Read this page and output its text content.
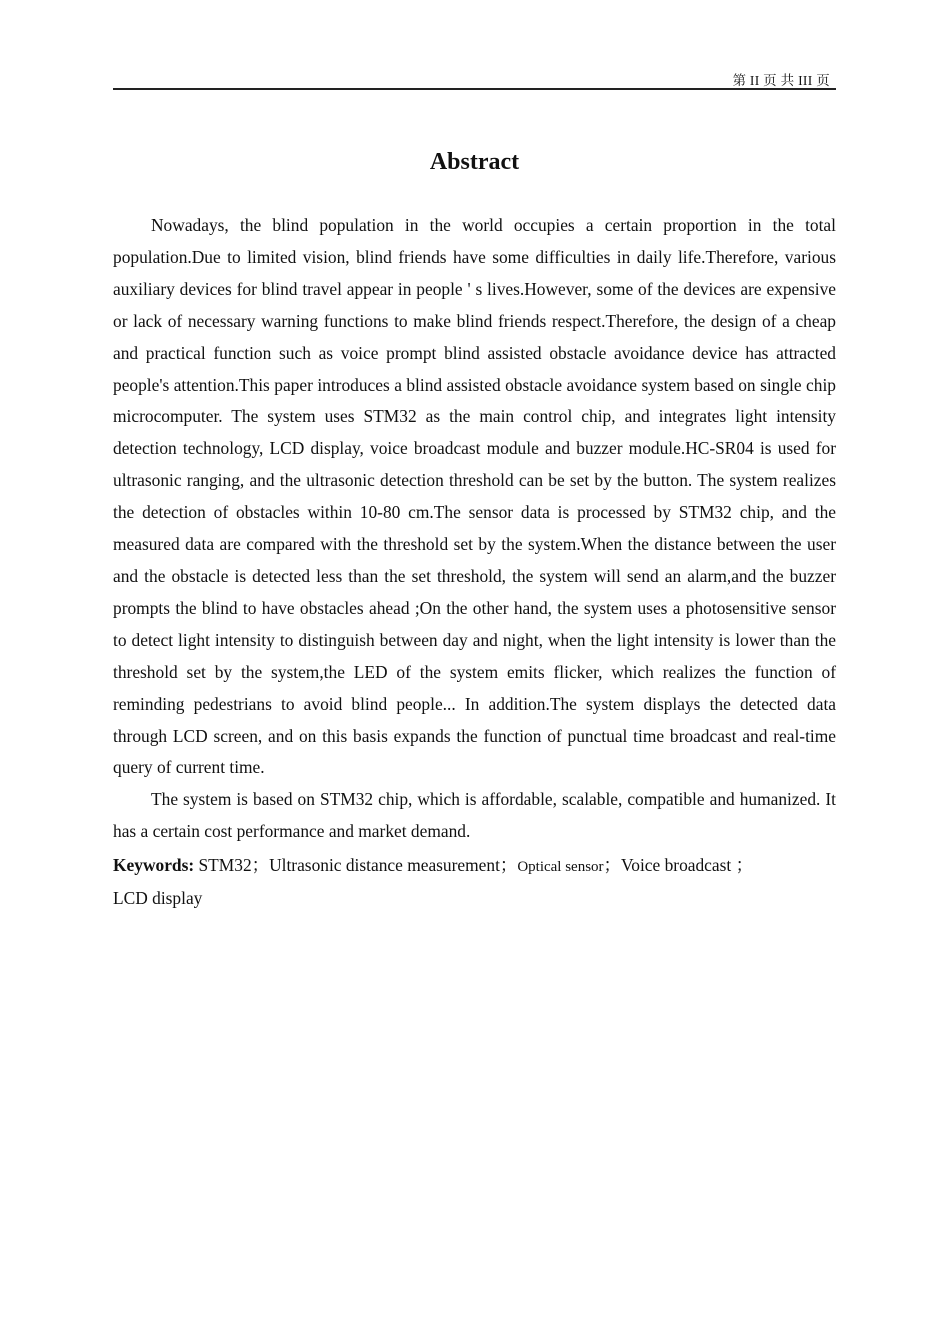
第 II 页 共 III 页
Abstract

Nowadays, the blind population in the world occupies a certain proportion in the total population.Due to limited vision, blind friends have some difficulties in daily life.Therefore, various auxiliary devices for blind travel appear in people ' s lives.However, some of the devices are expensive or lack of necessary warning functions to make blind friends respect.Therefore, the design of a cheap and practical function such as voice prompt blind assisted obstacle avoidance device has attracted people's attention.This paper introduces a blind assisted obstacle avoidance system based on single chip microcomputer. The system uses STM32 as the main control chip, and integrates light intensity detection technology, LCD display, voice broadcast module and buzzer module.HC-SR04 is used for ultrasonic ranging, and the ultrasonic detection threshold can be set by the button. The system realizes the detection of obstacles within 10-80 cm.The sensor data is processed by STM32 chip, and the measured data are compared with the threshold set by the system.When the distance between the user and the obstacle is detected less than the set threshold, the system will send an alarm,and the buzzer prompts the blind to have obstacles ahead ;On the other hand, the system uses a photosensitive sensor to detect light intensity to distinguish between day and night, when the light intensity is lower than the threshold set by the system,the LED of the system emits flicker, which realizes the function of reminding pedestrians to avoid blind people... In addition.The system displays the detected data through LCD screen, and on this basis expands the function of punctual time broadcast and real-time query of current time.

The system is based on STM32 chip, which is affordable, scalable, compatible and humanized. It has a certain cost performance and market demand.

Keywords: STM32；Ultrasonic distance measurement；Optical sensor；Voice broadcast ；
LCD display
